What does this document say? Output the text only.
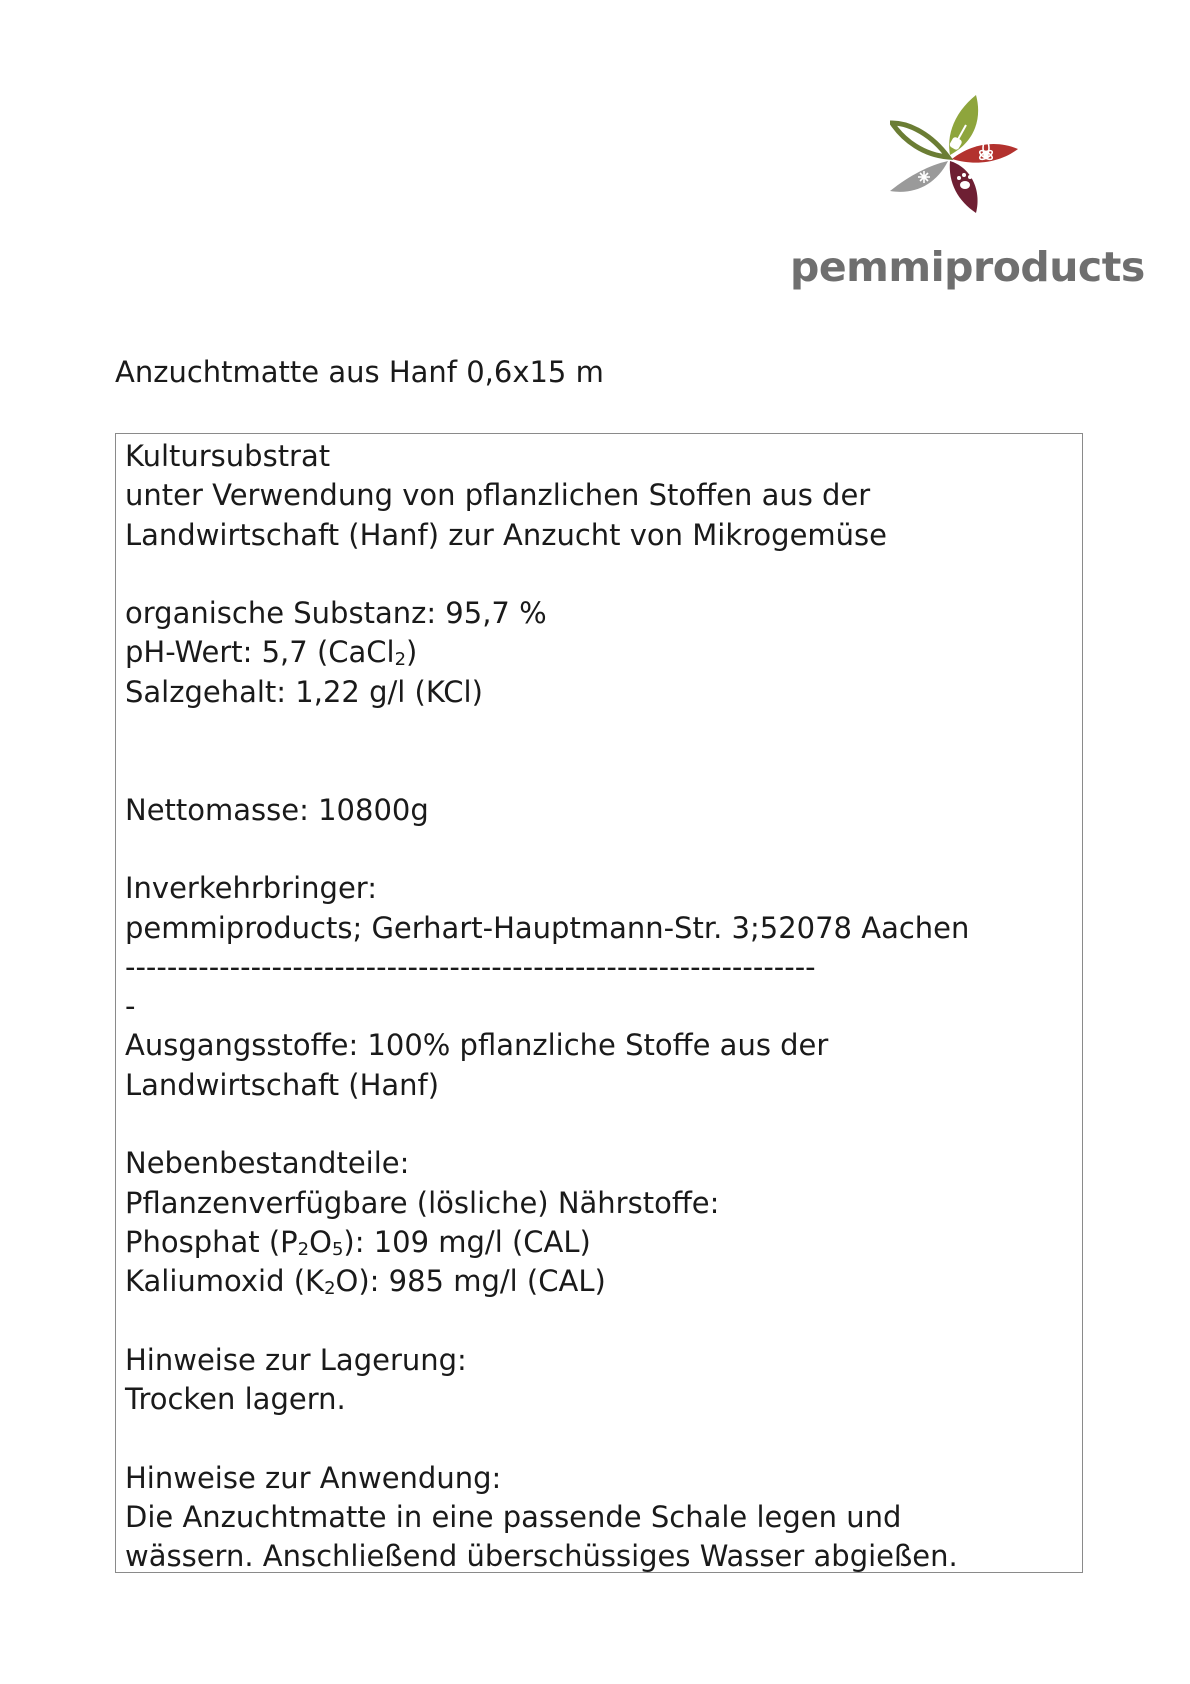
pemmiproducts
Anzuchtmatte aus Hanf 0,6x15 m
Kultursubstrat
unter Verwendung von pflanzlichen Stoffen aus der
Landwirtschaft (Hanf) zur Anzucht von Mikrogemüse
organische Substanz: 95,7 %
pH-Wert: 5,7 (CaCl$_2$)
Salzgehalt: 1,22 g/l (KCl)
Nettomasse: 10800g
Inverkehrbringer:
pemmiproducts; Gerhart-Hauptmann-Str. 3;52078 Aachen
------------------------------------------------------------------
-
Ausgangsstoffe: 100% pflanzliche Stoffe aus der
Landwirtschaft (Hanf)
Nebenbestandteile:
Pflanzenverfügbare (lösliche) Nährstoffe:
Phosphat $(P_2O_5)$: 109 mg/l (CAL)
Kaliumoxid $(K_2O)$: 985 mg/l (CAL)
Hinweise zur Lagerung:
Trocken lagern.
Hinweise zur Anwendung:
Die Anzuchtmatte in eine passende Schale legen und
wässern. Anschließend überschüssiges Wasser abgießen.
